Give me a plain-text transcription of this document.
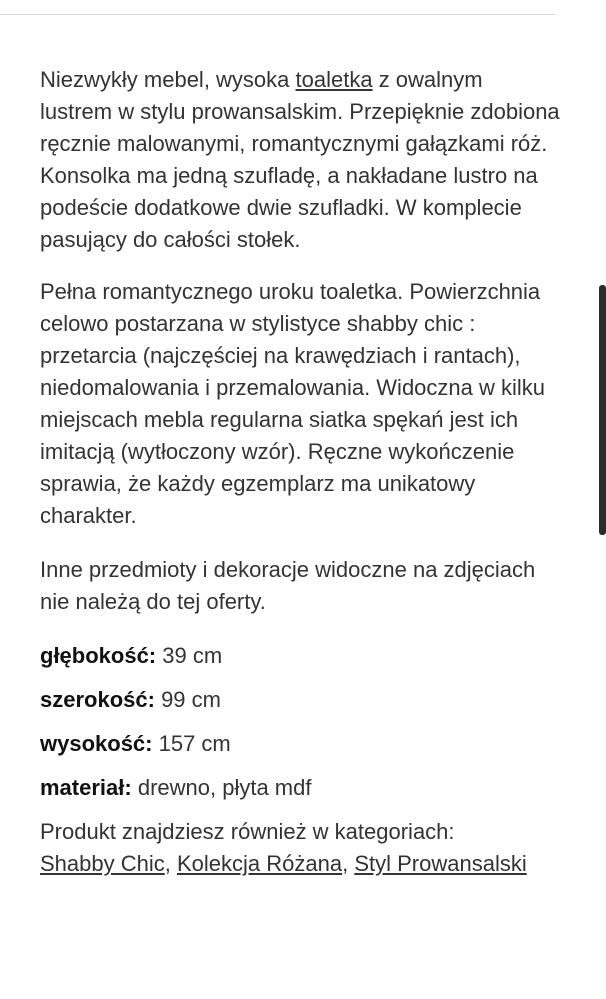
Niezwykły mebel, wysoka toaletka z owalnym lustrem w stylu prowansalskim. Przepięknie zdobiona ręcznie malowanymi, romantycznymi gałązkami róż. Konsolka ma jedną szufladę, a nakładane lustro na podeście dodatkowe dwie szufladki. W komplecie pasujący do całości stołek.

Pełna romantycznego uroku toaletka. Powierzchnia celowo postarzana w stylistyce shabby chic : przetarcia (najczęściej na krawędziach i rantach), niedomalowania i przemalowania. Widoczna w kilku miejscach mebla regularna siatka spękań jest ich imitacją (wytłoczony wzór). Ręczne wykończenie sprawia, że każdy egzemplarz ma unikatowy charakter.

Inne przedmioty i dekoracje widoczne na zdjęciach nie należą do tej oferty.

głębokość: 39 cm

szerokość: 99 cm

wysokość: 157 cm

materiał: drewno, płyta mdf

Produkt znajdziesz również w kategoriach:
Shabby Chic, Kolekcja Różana, Styl Prowansalski
